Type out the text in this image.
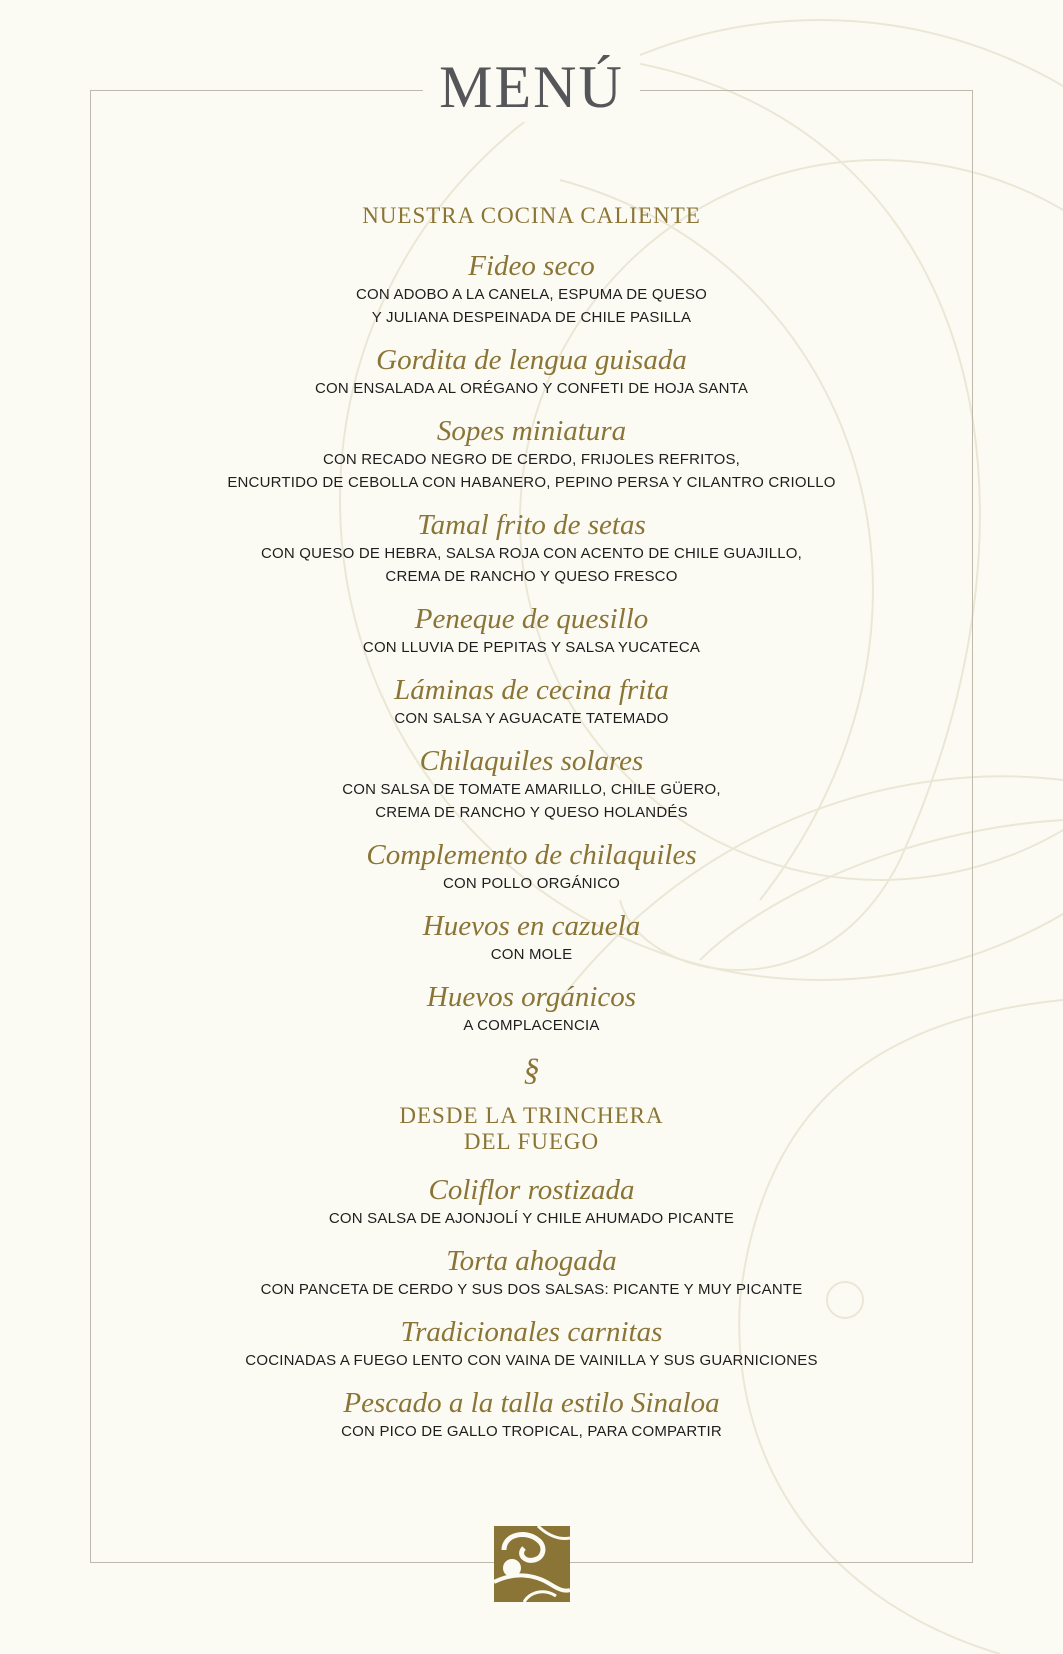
MENÚ
NUESTRA COCINA CALIENTE
Fideo seco
CON ADOBO A LA CANELA, ESPUMA DE QUESO
Y JULIANA DESPEINADA DE CHILE PASILLA
Gordita de lengua guisada
CON ENSALADA AL ORÉGANO Y CONFETI DE HOJA SANTA
Sopes miniatura
CON RECADO NEGRO DE CERDO, FRIJOLES REFRITOS,
ENCURTIDO DE CEBOLLA CON HABANERO, PEPINO PERSA Y CILANTRO CRIOLLO
Tamal frito de setas
CON QUESO DE HEBRA, SALSA ROJA CON ACENTO DE CHILE GUAJILLO,
CREMA DE RANCHO Y QUESO FRESCO
Peneque de quesillo
CON LLUVIA DE PEPITAS Y SALSA YUCATECA
Láminas de cecina frita
CON SALSA Y AGUACATE TATEMADO
Chilaquiles solares
CON SALSA DE TOMATE AMARILLO, CHILE GÜERO,
CREMA DE RANCHO Y QUESO HOLANDÉS
Complemento de chilaquiles
CON POLLO ORGÁNICO
Huevos en cazuela
CON MOLE
Huevos orgánicos
A COMPLACENCIA
§
DESDE LA TRINCHERA
DEL FUEGO
Coliflor rostizada
CON SALSA DE AJONJOLÍ Y CHILE AHUMADO PICANTE
Torta ahogada
CON PANCETA DE CERDO Y SUS DOS SALSAS: PICANTE Y MUY PICANTE
Tradicionales carnitas
COCINADAS A FUEGO LENTO CON VAINA DE VAINILLA Y SUS GUARNICIONES
Pescado a la talla estilo Sinaloa
CON PICO DE GALLO TROPICAL, PARA COMPARTIR
